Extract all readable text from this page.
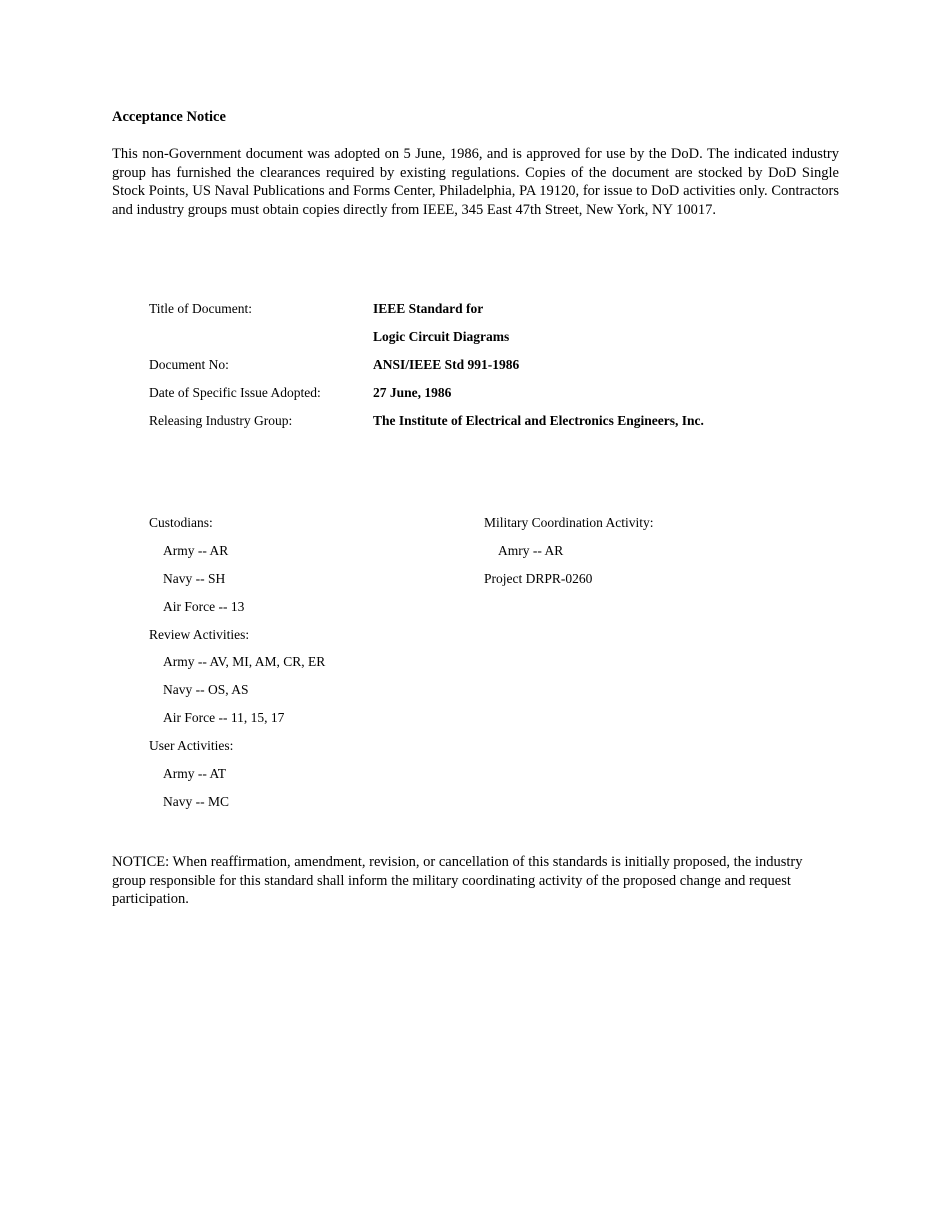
Acceptance Notice

This non-Government document was adopted on 5 June, 1986, and is approved for use by the DoD. The indicated industry group has furnished the clearances required by existing regulations. Copies of the document are stocked by DoD Single Stock Points, US Naval Publications and Forms Center, Philadelphia, PA 19120, for issue to DoD activities only. Contractors and industry groups must obtain copies directly from IEEE, 345 East 47th Street, New York, NY 10017.

Title of Document:	IEEE Standard for
Logic Circuit Diagrams
Document No:	ANSI/IEEE Std 991-1986
Date of Specific Issue Adopted:	27 June, 1986
Releasing Industry Group:	The Institute of Electrical and Electronics Engineers, Inc.
Custodians:
Army -- AR
Navy -- SH
Air Force -- 13
Review Activities:
Army -- AV, MI, AM, CR, ER
Navy -- OS, AS
Air Force -- 11, 15, 17
User Activities:
Army -- AT
Navy -- MC
Military Coordination Activity:
Amry -- AR
Project DRPR-0260

NOTICE: When reaffirmation, amendment, revision, or cancellation of this standards is initially proposed, the industry group responsible for this standard shall inform the military coordinating activity of the proposed change and request participation.
